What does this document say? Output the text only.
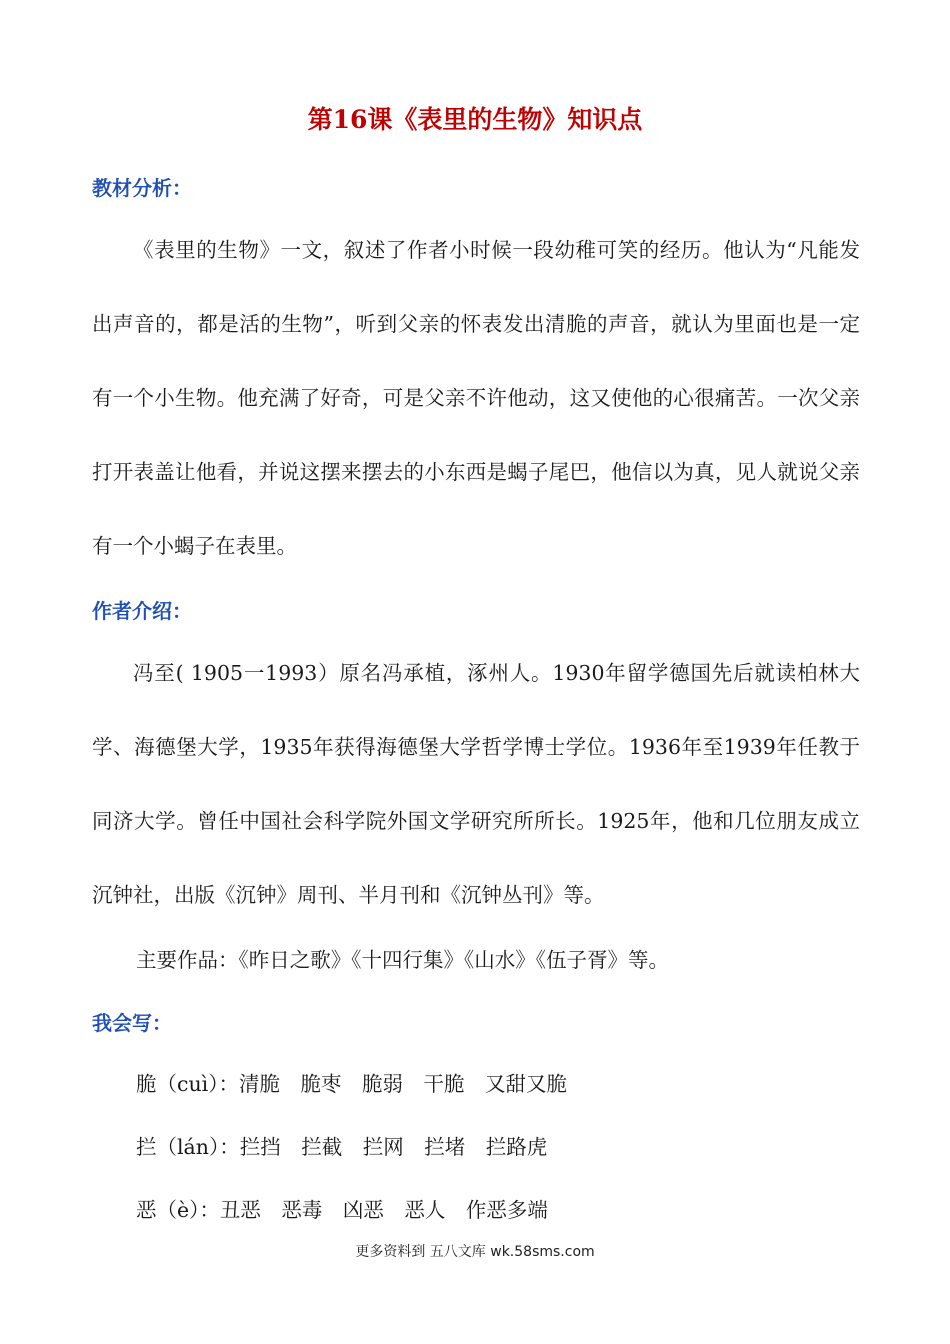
第16课《表里的生物》知识点
教材分析：

《表里的生物》一文，叙述了作者小时候一段幼稚可笑的经历。他认为“凡能发出声音的，都是活的生物”，听到父亲的怀表发出清脆的声音，就认为里面也是一定有一个小生物。他充满了好奇，可是父亲不许他动，这又使他的心很痛苦。一次父亲打开表盖让他看，并说这摆来摆去的小东西是蝎子尾巴，他信以为真，见人就说父亲有一个小蝎子在表里。

作者介绍：

冯至( 1905一1993）原名冯承植，涿州人。1930年留学德国先后就读柏林大学、海德堡大学，1935年获得海德堡大学哲学博士学位。1936年至1939年任教于同济大学。曾任中国社会科学院外国文学研究所所长。1925年，他和几位朋友成立沉钟社，出版《沉钟》周刊、半月刊和《沉钟丛刊》等。

主要作品：《昨日之歌》《十四行集》《山水》《伍子胥》等。
我会写：
脆（cuì）：清脆　脆枣　脆弱　干脆　又甜又脆
拦（lán）：拦挡　拦截　拦网　拦堵　拦路虎
恶（è）：丑恶　恶毒　凶恶　恶人　作恶多端
更多资料到 五八文库 wk.58sms.com
